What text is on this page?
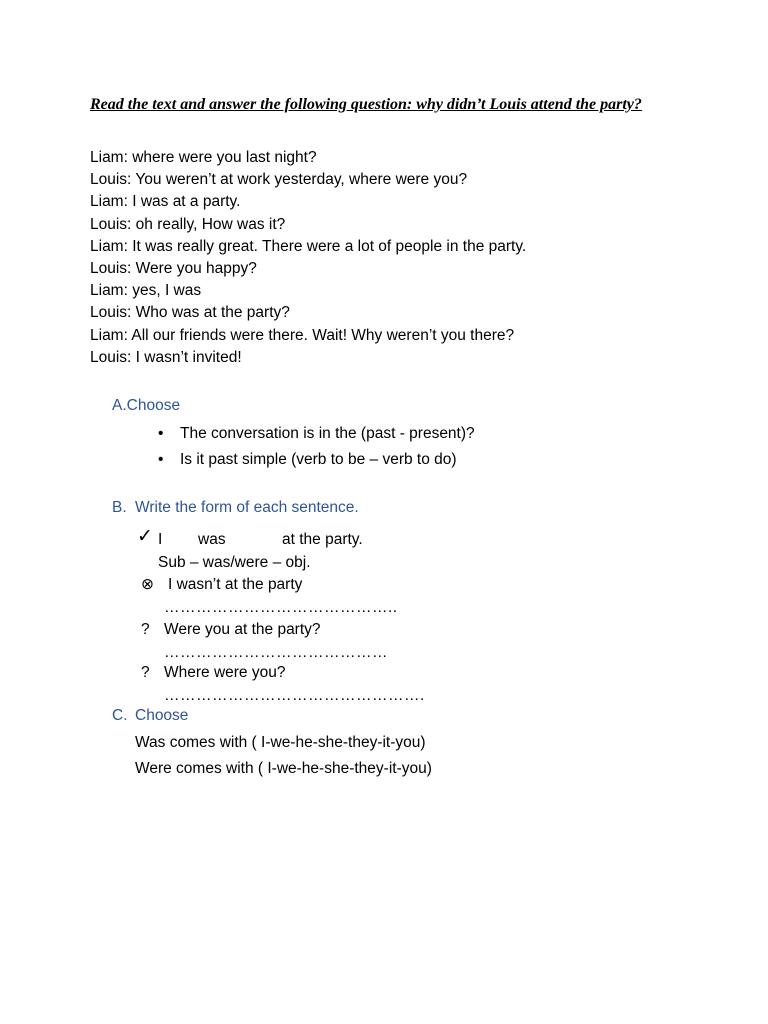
Read the text and answer the following question: why didn’t Louis attend the party?

Liam: where were you last night?
Louis: You weren’t at work yesterday, where were you?
Liam: I was at a party.
Louis: oh really, How was it?
Liam: It was really great. There were a lot of people in the party.
Louis: Were you happy?
Liam: yes, I was
Louis: Who was at the party?
Liam: All our friends were there. Wait! Why weren’t you there?
Louis: I wasn’t invited!
A.Choose
• The conversation is in the (past - present)?
• Is it past simple (verb to be – verb to do)
B. Write the form of each sentence.
✓ I was	at the party.
Sub – was/were – obj.
⊗ I wasn’t at the party
……………………………………..
? Were you at the party?
……………………………………
? Where were you?
………………………………………….
C. Choose
Was comes with ( I-we-he-she-they-it-you)
Were comes with ( I-we-he-she-they-it-you)
